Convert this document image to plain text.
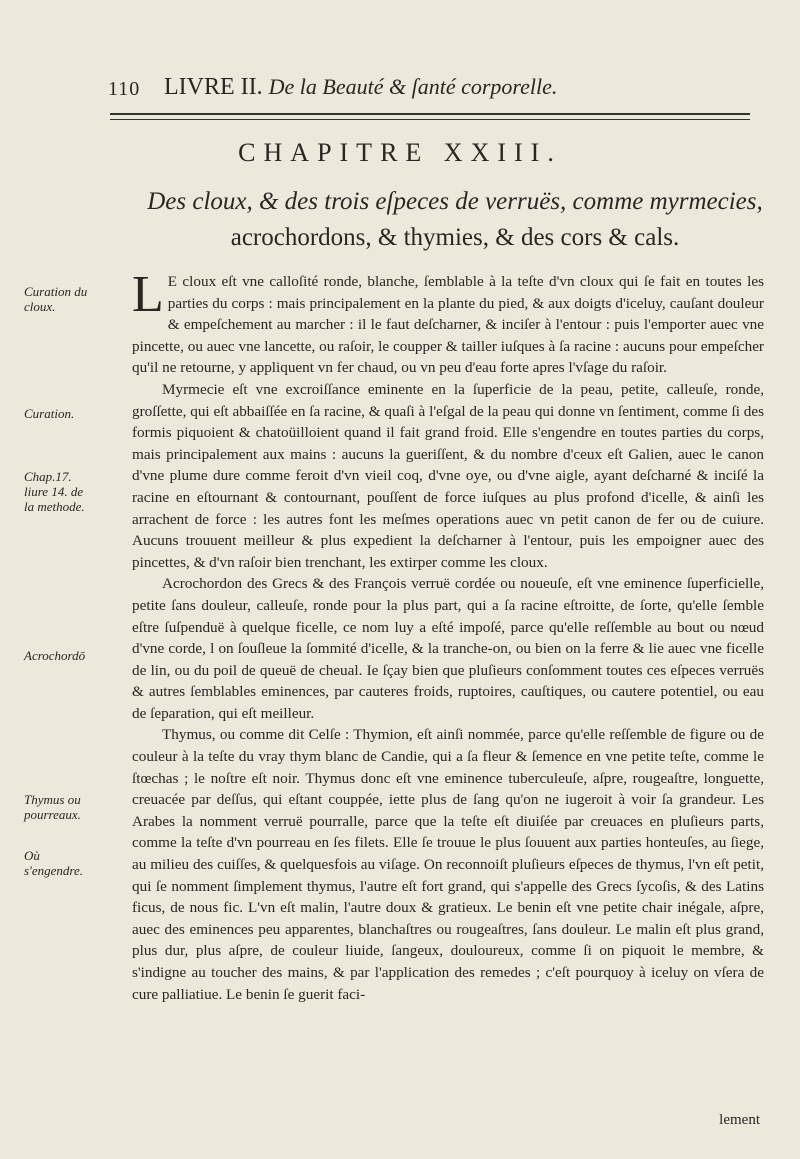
110 LIVRE II. De la Beauté & ſanté corporelle.
CHAPITRE XXIII.
Des cloux, & des trois eſpeces de verruës, comme myrmecies,
acrochordons, & thymies, & des cors & cals.
Curation du cloux.
Curation.
Chap.17. liure 14. de la methode.
Acrochordō
Thymus ou pourreaux.
Où s'engendre.

L E cloux eſt vne calloſité ronde, blanche, ſemblable à la teſte d'vn cloux qui ſe fait en toutes les parties du corps : mais principalement en la plante du pied, & aux doigts d'iceluy, cauſant douleur & empeſchement au marcher : il le faut deſcharner, & inciſer à l'entour : puis l'emporter auec vne pincette, ou auec vne lancette, ou raſoir, le coupper & tailler iuſques à ſa racine : aucuns pour empeſcher qu'il ne retourne, y appliquent vn fer chaud, ou vn peu d'eau forte apres l'vſage du raſoir.

Myrmecie eſt vne excroiſſance eminente en la ſuperficie de la peau, petite, calleuſe, ronde, groſſette, qui eſt abbaiſſée en ſa racine, & quaſi à l'eſgal de la peau qui donne vn ſentiment, comme ſi des formis piquoient & chatoüilloient quand il fait grand froid. Elle s'engendre en toutes parties du corps, mais principalement aux mains : aucuns la gueriſſent, & du nombre d'ceux eſt Galien, auec le canon d'vne plume dure comme feroit d'vn vieil coq, d'vne oye, ou d'vne aigle, ayant deſcharné & inciſé la racine en eſtournant & contournant, pouſſent de force iuſques au plus profond d'icelle, & ainſi les arrachent de force : les autres font les meſmes operations auec vn petit canon de fer ou de cuiure. Aucuns trouuent meilleur & plus expedient la deſcharner à l'entour, puis les empoigner auec des pincettes, & d'vn raſoir bien trenchant, les extirper comme les cloux.

Acrochordon des Grecs & des François verruë cordée ou noueuſe, eſt vne eminence ſuperficielle, petite ſans douleur, calleuſe, ronde pour la plus part, qui a ſa racine eſtroitte, de ſorte, qu'elle ſemble eſtre ſuſpenduë à quelque ficelle, ce nom luy a eſté impoſé, parce qu'elle reſſemble au bout ou nœud d'vne corde, l on ſouſleue la ſommité d'icelle, & la tranche-on, ou bien on la ferre & lie auec vne ficelle de lin, ou du poil de queuë de cheual. Ie ſçay bien que pluſieurs conſomment toutes ces eſpeces verruës & autres ſemblables eminences, par cauteres froids, ruptoires, cauſtiques, ou cautere potentiel, ou eau de ſeparation, qui eſt meilleur.

Thymus, ou comme dit Celſe : Thymion, eſt ainſi nommée, parce qu'elle reſſemble de figure ou de couleur à la teſte du vray thym blanc de Candie, qui a ſa fleur & ſemence en vne petite teſte, comme le ſtœchas ; le noſtre eſt noir. Thymus donc eſt vne eminence tuberculeuſe, aſpre, rougeaſtre, longuette, creuacée par deſſus, qui eſtant couppée, iette plus de ſang qu'on ne iugeroit à voir ſa grandeur. Les Arabes la nomment verruë pourralle, parce que la teſte eſt diuiſée par creuaces en pluſieurs parts, comme la teſte d'vn pourreau en ſes filets. Elle ſe trouue le plus ſouuent aux parties honteuſes, au ſiege, au milieu des cuiſſes, & quelquesfois au viſage. On reconnoiſt pluſieurs eſpeces de thymus, l'vn eſt petit, qui ſe nomment ſimplement thymus, l'autre eſt fort grand, qui s'appelle des Grecs ſycoſis, & des Latins ficus, de nous fic. L'vn eſt malin, l'autre doux & gratieux. Le benin eſt vne petite chair inégale, aſpre, auec des eminences peu apparentes, blanchaſtres ou rougeaſtres, ſans douleur. Le malin eſt plus grand, plus dur, plus aſpre, de couleur liuide, ſangeux, douloureux, comme ſi on piquoit le membre, & s'indigne au toucher des mains, & par l'application des remedes ; c'eſt pourquoy à iceluy on vſera de cure palliatiue. Le benin ſe guerit faci-

lement
